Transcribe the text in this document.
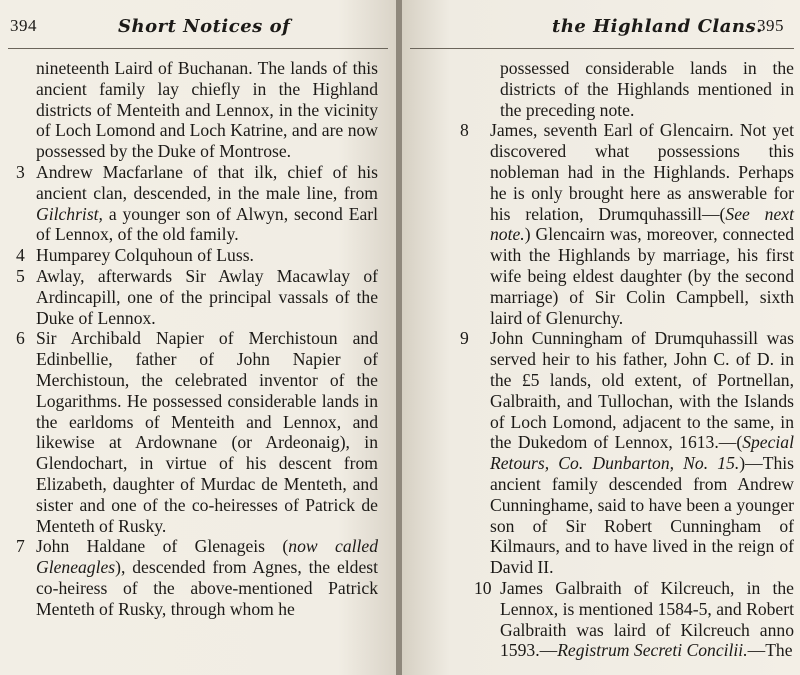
394	Short Notices of

nineteenth Laird of Buchanan. The lands of this ancient family lay chiefly in the Highland districts of Menteith and Lennox, in the vicinity of Loch Lomond and Loch Katrine, and are now possessed by the Duke of Montrose.

3 Andrew Macfarlane of that ilk, chief of his ancient clan, descended, in the male line, from Gilchrist, a younger son of Alwyn, second Earl of Lennox, of the old family.

4 Humparey Colquhoun of Luss.

5 Awlay, afterwards Sir Awlay Macawlay of Ardincapill, one of the principal vassals of the Duke of Lennox.

6 Sir Archibald Napier of Merchistoun and Edinbellie, father of John Napier of Merchistoun, the celebrated inventor of the Logarithms. He possessed considerable lands in the earldoms of Menteith and Lennox, and likewise at Ardownane (or Ardeonaig), in Glendochart, in virtue of his descent from Elizabeth, daughter of Murdac de Menteth, and sister and one of the co-heiresses of Patrick de Menteth of Rusky.

7 John Haldane of Glenageis (now called Gleneagles), descended from Agnes, the eldest co-heiress of the above-mentioned Patrick Menteth of Rusky, through whom he

the Highland Clans.
395

possessed considerable lands in the districts of the Highlands mentioned in the preceding note.

8 James, seventh Earl of Glencairn. Not yet discovered what possessions this nobleman had in the Highlands. Perhaps he is only brought here as answerable for his relation, Drumquhassill—(See next note.) Glencairn was, moreover, connected with the Highlands by marriage, his first wife being eldest daughter (by the second marriage) of Sir Colin Campbell, sixth laird of Glenurchy.

9 John Cunningham of Drumquhassill was served heir to his father, John C. of D. in the £5 lands, old extent, of Portnellan, Galbraith, and Tullochan, with the Islands of Loch Lomond, adjacent to the same, in the Dukedom of Lennox, 1613.—(Special Retours, Co. Dunbarton, No. 15.)—This ancient family descended from Andrew Cunninghame, said to have been a younger son of Sir Robert Cunningham of Kilmaurs, and to have lived in the reign of David II.

10 James Galbraith of Kilcreuch, in the Lennox, is mentioned 1584-5, and Robert Galbraith was laird of Kilcreuch anno 1593.—Registrum Secreti Concilii.—The
